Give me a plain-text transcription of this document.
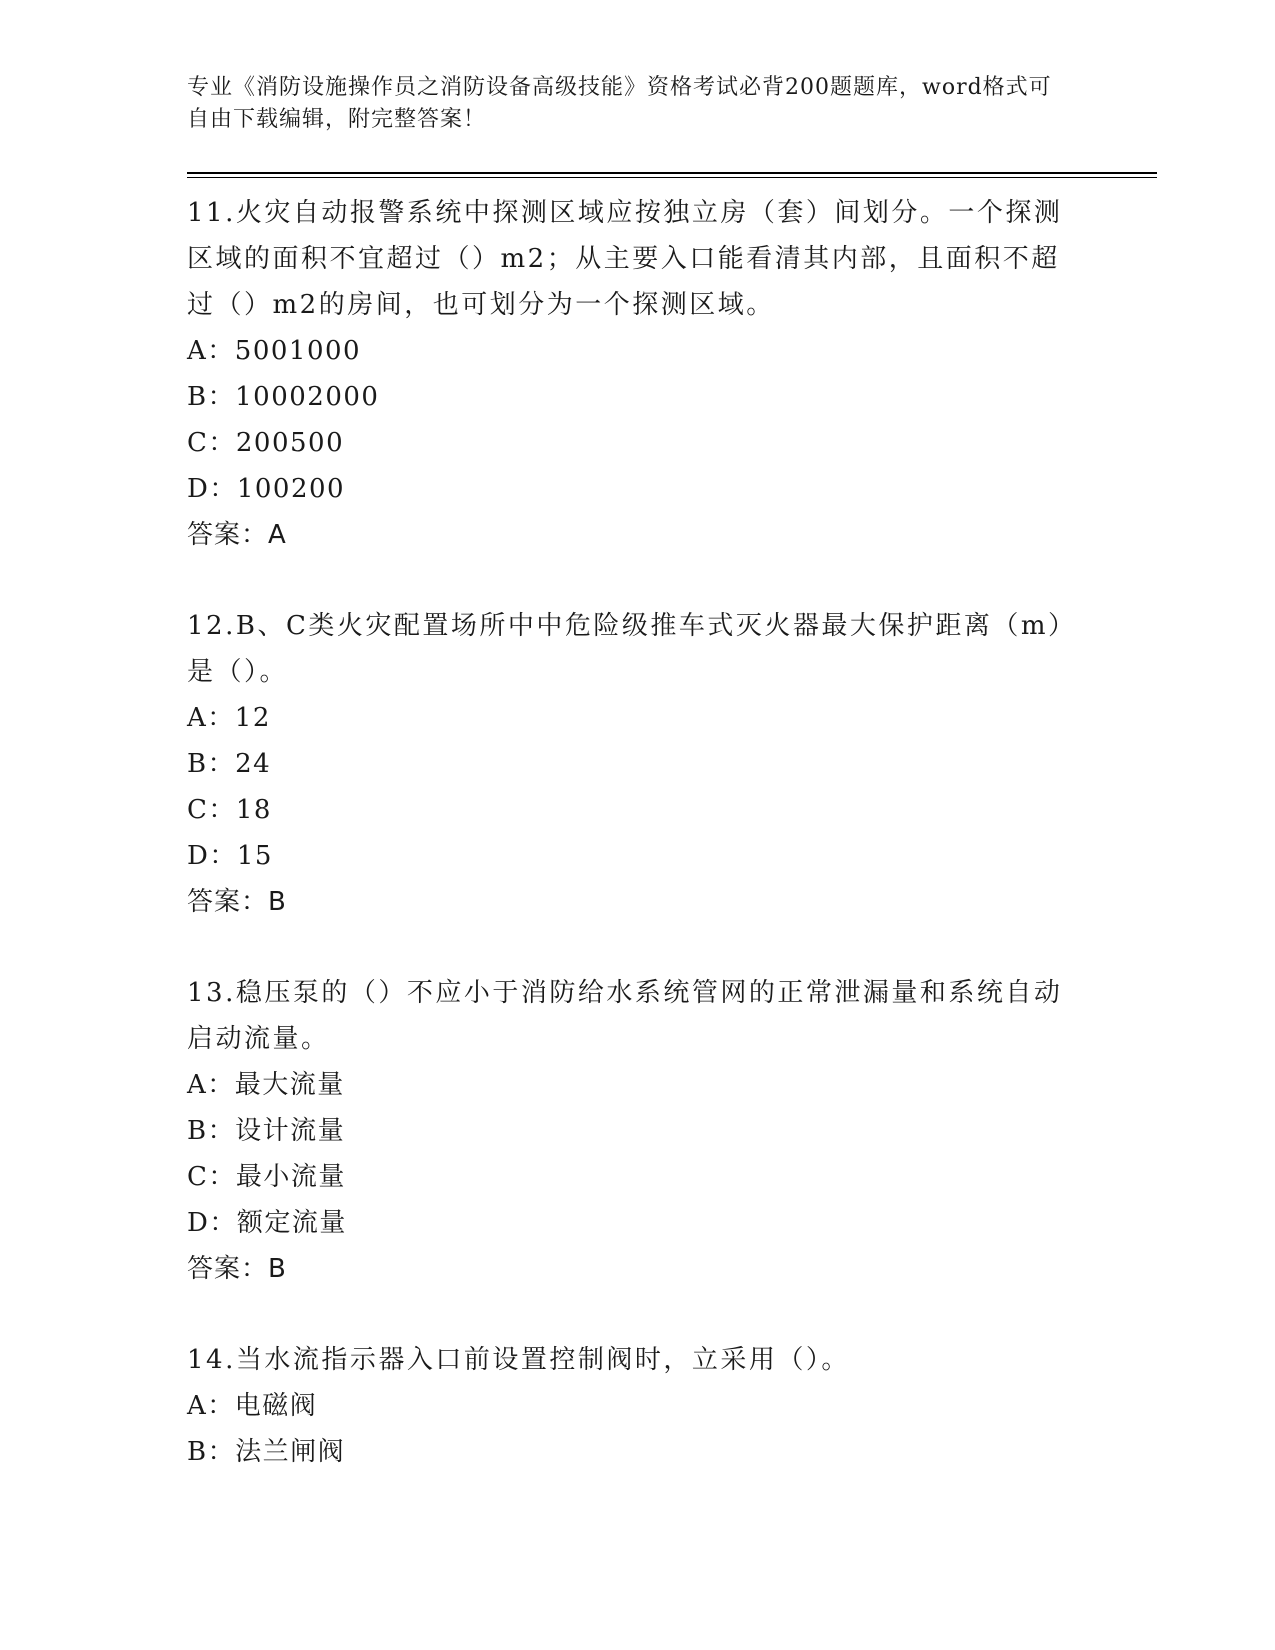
专业《消防设施操作员之消防设备高级技能》资格考试必背200题题库，word格式可自由下载编辑，附完整答案！
11.火灾自动报警系统中探测区域应按独立房（套）间划分。一个探测区域的面积不宜超过（）m2；从主要入口能看清其内部，且面积不超过（）m2的房间，也可划分为一个探测区域。
A：5001000
B：10002000
C：200500
D：100200
答案：A
12.B、C类火灾配置场所中中危险级推车式灭火器最大保护距离（m）是（）。
A：12
B：24
C：18
D：15
答案：B
13.稳压泵的（）不应小于消防给水系统管网的正常泄漏量和系统自动启动流量。
A：最大流量
B：设计流量
C：最小流量
D：额定流量
答案：B
14.当水流指示器入口前设置控制阀时，立采用（）。
A：电磁阀
B：法兰闸阀
